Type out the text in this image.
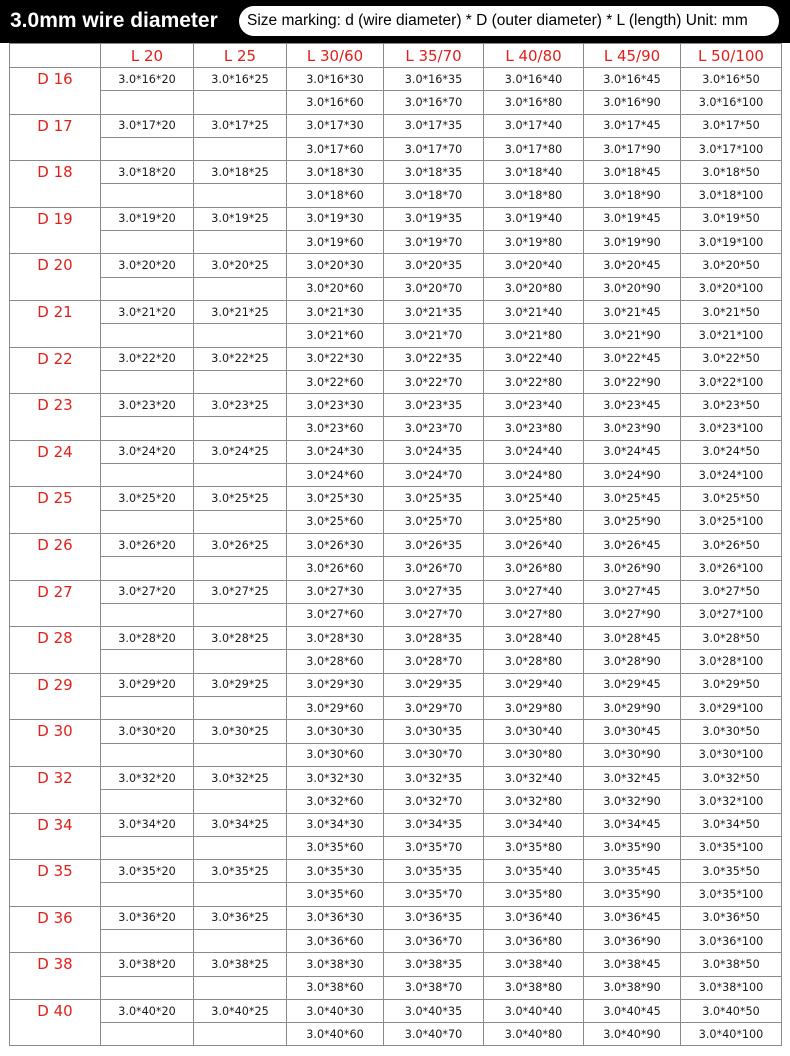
3.0mm wire diameter	Size marking: d (wire diameter) * D (outer diameter) * L (length) Unit: mm
	L 20	L 25	L 30/60	L 35/70	L 40/80	L 45/90	L 50/100
D 16	3.0*16*20	3.0*16*25	3.0*16*30	3.0*16*35	3.0*16*40	3.0*16*45	3.0*16*50
			3.0*16*60	3.0*16*70	3.0*16*80	3.0*16*90	3.0*16*100
D 17	3.0*17*20	3.0*17*25	3.0*17*30	3.0*17*35	3.0*17*40	3.0*17*45	3.0*17*50
			3.0*17*60	3.0*17*70	3.0*17*80	3.0*17*90	3.0*17*100
D 18	3.0*18*20	3.0*18*25	3.0*18*30	3.0*18*35	3.0*18*40	3.0*18*45	3.0*18*50
			3.0*18*60	3.0*18*70	3.0*18*80	3.0*18*90	3.0*18*100
D 19	3.0*19*20	3.0*19*25	3.0*19*30	3.0*19*35	3.0*19*40	3.0*19*45	3.0*19*50
			3.0*19*60	3.0*19*70	3.0*19*80	3.0*19*90	3.0*19*100
D 20	3.0*20*20	3.0*20*25	3.0*20*30	3.0*20*35	3.0*20*40	3.0*20*45	3.0*20*50
			3.0*20*60	3.0*20*70	3.0*20*80	3.0*20*90	3.0*20*100
D 21	3.0*21*20	3.0*21*25	3.0*21*30	3.0*21*35	3.0*21*40	3.0*21*45	3.0*21*50
			3.0*21*60	3.0*21*70	3.0*21*80	3.0*21*90	3.0*21*100
D 22	3.0*22*20	3.0*22*25	3.0*22*30	3.0*22*35	3.0*22*40	3.0*22*45	3.0*22*50
			3.0*22*60	3.0*22*70	3.0*22*80	3.0*22*90	3.0*22*100
D 23	3.0*23*20	3.0*23*25	3.0*23*30	3.0*23*35	3.0*23*40	3.0*23*45	3.0*23*50
			3.0*23*60	3.0*23*70	3.0*23*80	3.0*23*90	3.0*23*100
D 24	3.0*24*20	3.0*24*25	3.0*24*30	3.0*24*35	3.0*24*40	3.0*24*45	3.0*24*50
			3.0*24*60	3.0*24*70	3.0*24*80	3.0*24*90	3.0*24*100
D 25	3.0*25*20	3.0*25*25	3.0*25*30	3.0*25*35	3.0*25*40	3.0*25*45	3.0*25*50
			3.0*25*60	3.0*25*70	3.0*25*80	3.0*25*90	3.0*25*100
D 26	3.0*26*20	3.0*26*25	3.0*26*30	3.0*26*35	3.0*26*40	3.0*26*45	3.0*26*50
			3.0*26*60	3.0*26*70	3.0*26*80	3.0*26*90	3.0*26*100
D 27	3.0*27*20	3.0*27*25	3.0*27*30	3.0*27*35	3.0*27*40	3.0*27*45	3.0*27*50
			3.0*27*60	3.0*27*70	3.0*27*80	3.0*27*90	3.0*27*100
D 28	3.0*28*20	3.0*28*25	3.0*28*30	3.0*28*35	3.0*28*40	3.0*28*45	3.0*28*50
			3.0*28*60	3.0*28*70	3.0*28*80	3.0*28*90	3.0*28*100
D 29	3.0*29*20	3.0*29*25	3.0*29*30	3.0*29*35	3.0*29*40	3.0*29*45	3.0*29*50
			3.0*29*60	3.0*29*70	3.0*29*80	3.0*29*90	3.0*29*100
D 30	3.0*30*20	3.0*30*25	3.0*30*30	3.0*30*35	3.0*30*40	3.0*30*45	3.0*30*50
			3.0*30*60	3.0*30*70	3.0*30*80	3.0*30*90	3.0*30*100
D 32	3.0*32*20	3.0*32*25	3.0*32*30	3.0*32*35	3.0*32*40	3.0*32*45	3.0*32*50
			3.0*32*60	3.0*32*70	3.0*32*80	3.0*32*90	3.0*32*100
D 34	3.0*34*20	3.0*34*25	3.0*34*30	3.0*34*35	3.0*34*40	3.0*34*45	3.0*34*50
			3.0*35*60	3.0*35*70	3.0*35*80	3.0*35*90	3.0*35*100
D 35	3.0*35*20	3.0*35*25	3.0*35*30	3.0*35*35	3.0*35*40	3.0*35*45	3.0*35*50
			3.0*35*60	3.0*35*70	3.0*35*80	3.0*35*90	3.0*35*100
D 36	3.0*36*20	3.0*36*25	3.0*36*30	3.0*36*35	3.0*36*40	3.0*36*45	3.0*36*50
			3.0*36*60	3.0*36*70	3.0*36*80	3.0*36*90	3.0*36*100
D 38	3.0*38*20	3.0*38*25	3.0*38*30	3.0*38*35	3.0*38*40	3.0*38*45	3.0*38*50
			3.0*38*60	3.0*38*70	3.0*38*80	3.0*38*90	3.0*38*100
D 40	3.0*40*20	3.0*40*25	3.0*40*30	3.0*40*35	3.0*40*40	3.0*40*45	3.0*40*50
			3.0*40*60	3.0*40*70	3.0*40*80	3.0*40*90	3.0*40*100
